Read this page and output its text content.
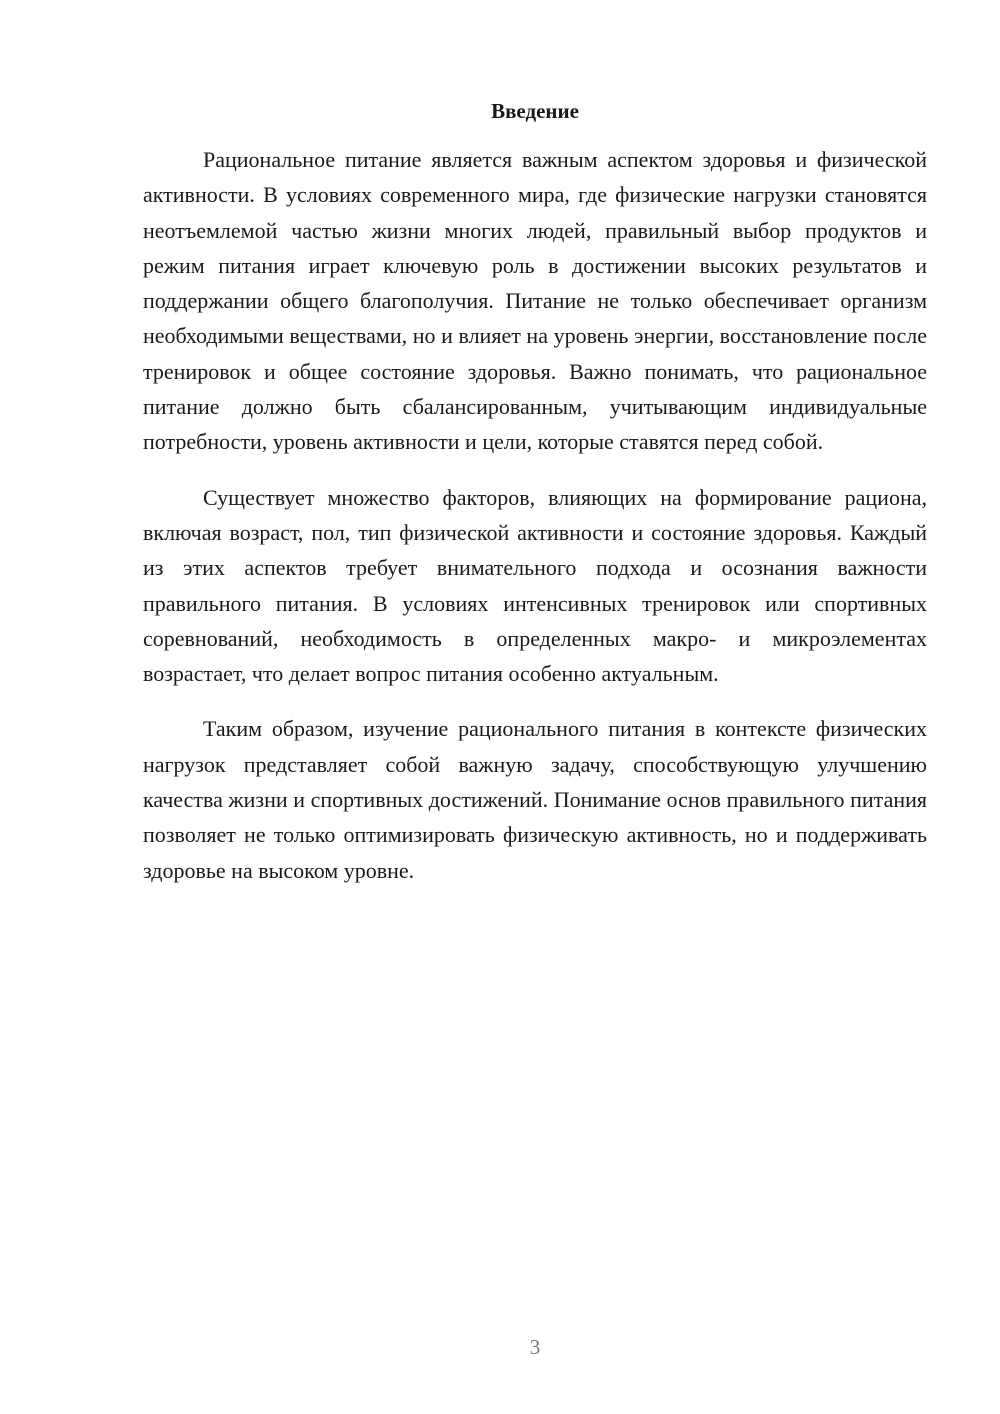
Введение

Рациональное питание является важным аспектом здоровья и физической активности. В условиях современного мира, где физические нагрузки становятся неотъемлемой частью жизни многих людей, правильный выбор продуктов и режим питания играет ключевую роль в достижении высоких результатов и поддержании общего благополучия. Питание не только обеспечивает организм необходимыми веществами, но и влияет на уровень энергии, восстановление после тренировок и общее состояние здоровья. Важно понимать, что рациональное питание должно быть сбалансированным, учитывающим индивидуальные потребности, уровень активности и цели, которые ставятся перед собой.

Существует множество факторов, влияющих на формирование рациона, включая возраст, пол, тип физической активности и состояние здоровья. Каждый из этих аспектов требует внимательного подхода и осознания важности правильного питания. В условиях интенсивных тренировок или спортивных соревнований, необходимость в определенных макро- и микроэлементах возрастает, что делает вопрос питания особенно актуальным.

Таким образом, изучение рационального питания в контексте физических нагрузок представляет собой важную задачу, способствующую улучшению качества жизни и спортивных достижений. Понимание основ правильного питания позволяет не только оптимизировать физическую активность, но и поддерживать здоровье на высоком уровне.

3
